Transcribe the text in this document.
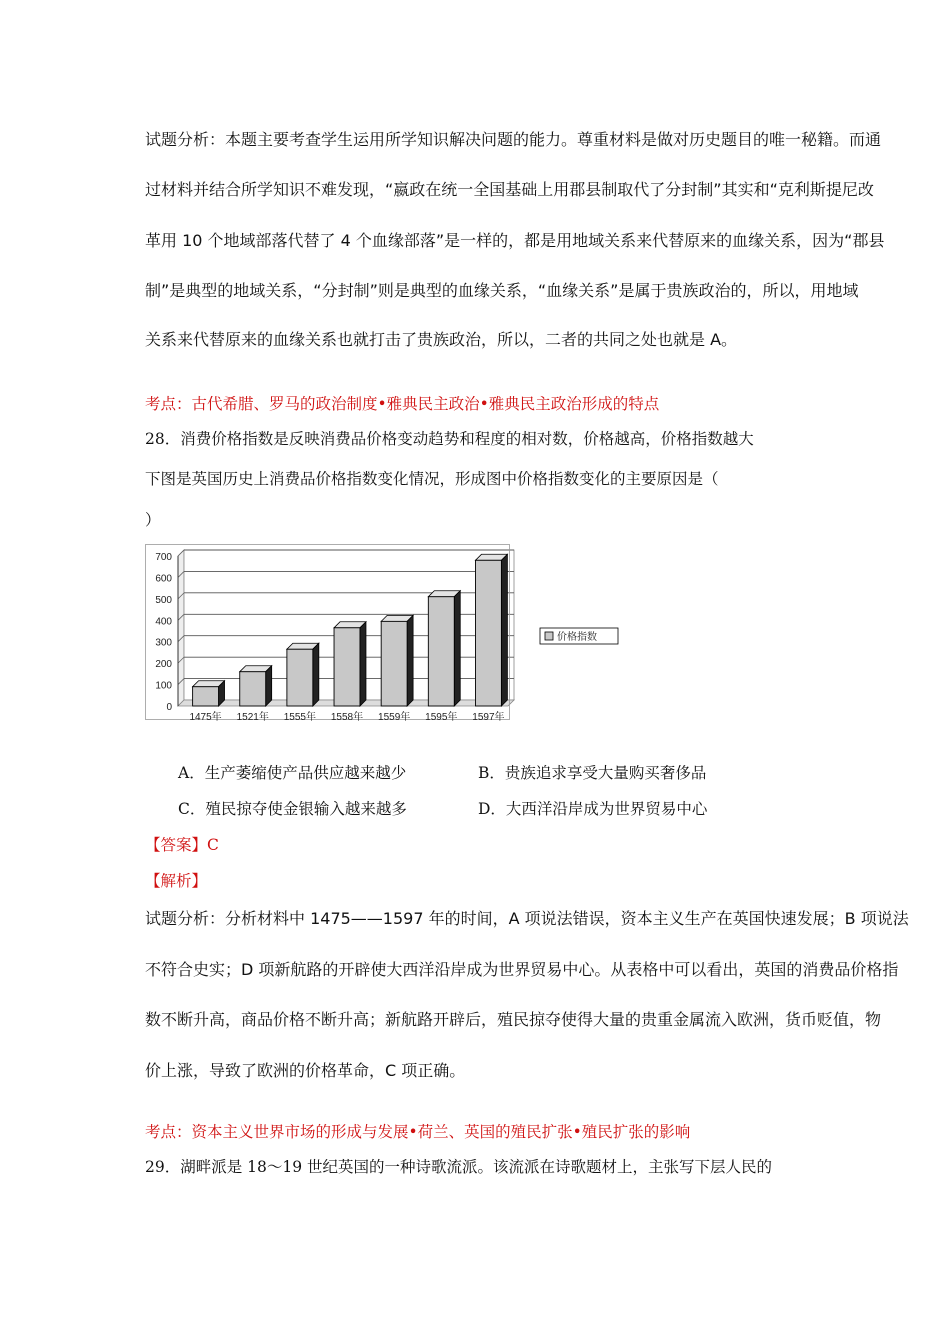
试题分析：本题主要考查学生运用所学知识解决问题的能力。尊重材料是做对历史题目的唯一秘籍。而通
过材料并结合所学知识不难发现，“嬴政在统一全国基础上用郡县制取代了分封制”其实和“克利斯提尼改
革用 10 个地域部落代替了 4 个血缘部落”是一样的，都是用地域关系来代替原来的血缘关系，因为“郡县
制”是典型的地域关系，“分封制”则是典型的血缘关系，“血缘关系”是属于贵族政治的，所以，用地域
关系来代替原来的血缘关系也就打击了贵族政治，所以，二者的共同之处也就是 A。
考点：古代希腊、罗马的政治制度•雅典民主政治•雅典民主政治形成的特点
28．消费价格指数是反映消费品价格变动趋势和程度的相对数，价格越高，价格指数越大
下图是英国历史上消费品价格指数变化情况，形成图中价格指数变化的主要原因是（
）
0
100
200
300
400
500
600
700
1475年 1521年 1555年 1558年 1559年 1595年 1597年
价格指数
A．生产萎缩使产品供应越来越少	B．贵族追求享受大量购买奢侈品
C．殖民掠夺使金银输入越来越多	D．大西洋沿岸成为世界贸易中心
【答案】C
【解析】
试题分析：分析材料中 1475——1597 年的时间，A 项说法错误，资本主义生产在英国快速发展；B 项说法
不符合史实；D 项新航路的开辟使大西洋沿岸成为世界贸易中心。从表格中可以看出，英国的消费品价格指
数不断升高，商品价格不断升高；新航路开辟后，殖民掠夺使得大量的贵重金属流入欧洲，货币贬值，物
价上涨，导致了欧洲的价格革命，C 项正确。
考点：资本主义世界市场的形成与发展•荷兰、英国的殖民扩张•殖民扩张的影响
29．湖畔派是 18～19 世纪英国的一种诗歌流派。该流派在诗歌题材上，主张写下层人民的
